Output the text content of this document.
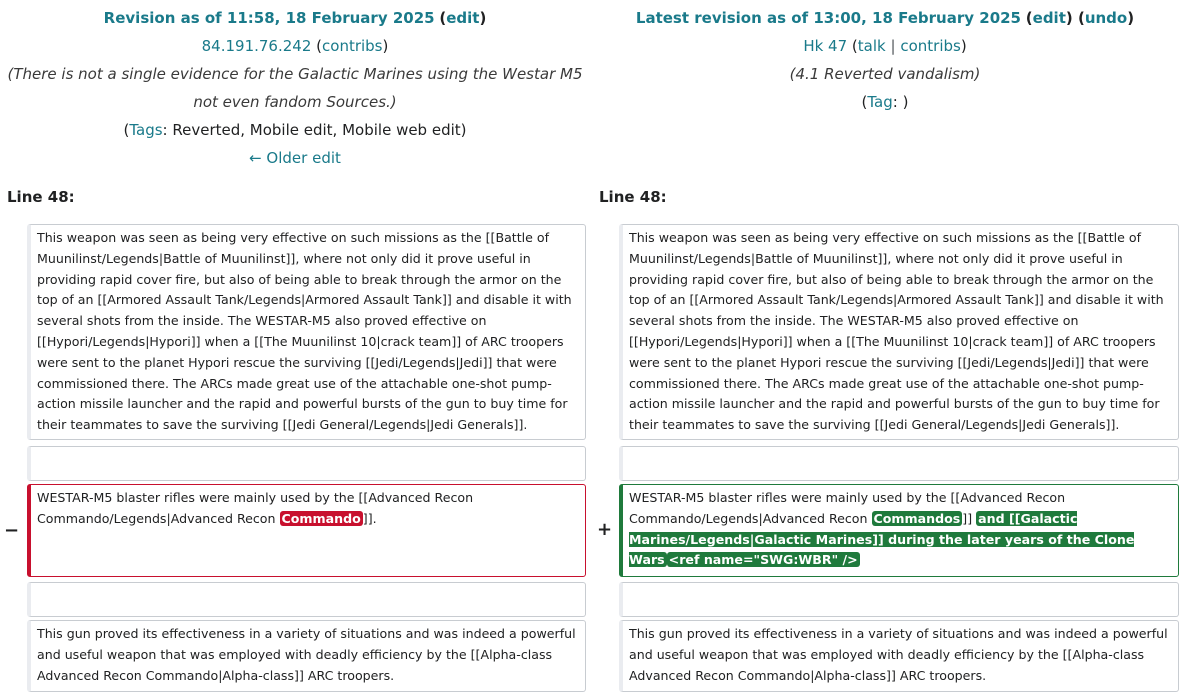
Revision as of 11:58, 18 February 2025 (edit)
84.191.76.242 (contribs)
(There is not a single evidence for the Galactic Marines using the Westar M5
not even fandom Sources.)
(Tags: Reverted, Mobile edit, Mobile web edit)
← Older edit
Latest revision as of 13:00, 18 February 2025 (edit) (undo)
Hk 47 (talk | contribs)
(4.1 Reverted vandalism)
(Tag: )
Line 48:	Line 48:
This weapon was seen as being very effective on such missions as the [[Battle of Muunilinst/Legends|Battle of Muunilinst]], where not only did it prove useful in providing rapid cover fire, but also of being able to break through the armor on the top of an [[Armored Assault Tank/Legends|Armored Assault Tank]] and disable it with several shots from the inside. The WESTAR-M5 also proved effective on [[Hypori/Legends|Hypori]] when a [[The Muunilinst 10|crack team]] of ARC troopers were sent to the planet Hypori rescue the surviving [[Jedi/Legends|Jedi]] that were commissioned there. The ARCs made great use of the attachable one-shot pump-action missile launcher and the rapid and powerful bursts of the gun to buy time for their teammates to save the surviving [[Jedi General/Legends|Jedi Generals]].
This weapon was seen as being very effective on such missions as the [[Battle of Muunilinst/Legends|Battle of Muunilinst]], where not only did it prove useful in providing rapid cover fire, but also of being able to break through the armor on the top of an [[Armored Assault Tank/Legends|Armored Assault Tank]] and disable it with several shots from the inside. The WESTAR-M5 also proved effective on [[Hypori/Legends|Hypori]] when a [[The Muunilinst 10|crack team]] of ARC troopers were sent to the planet Hypori rescue the surviving [[Jedi/Legends|Jedi]] that were commissioned there. The ARCs made great use of the attachable one-shot pump-action missile launcher and the rapid and powerful bursts of the gun to buy time for their teammates to save the surviving [[Jedi General/Legends|Jedi Generals]].
−	+
WESTAR-M5 blaster rifles were mainly used by the [[Advanced Recon Commando/Legends|Advanced Recon Commando ]].
WESTAR-M5 blaster rifles were mainly used by the [[Advanced Recon Commando/Legends|Advanced Recon Commandos ]] and [[Galactic Marines/Legends|Galactic Marines]] during the later years of the Clone Wars <ref name="SWG:WBR" />
This gun proved its effectiveness in a variety of situations and was indeed a powerful and useful weapon that was employed with deadly efficiency by the [[Alpha-class Advanced Recon Commando|Alpha-class]] ARC troopers.
This gun proved its effectiveness in a variety of situations and was indeed a powerful and useful weapon that was employed with deadly efficiency by the [[Alpha-class Advanced Recon Commando|Alpha-class]] ARC troopers.
